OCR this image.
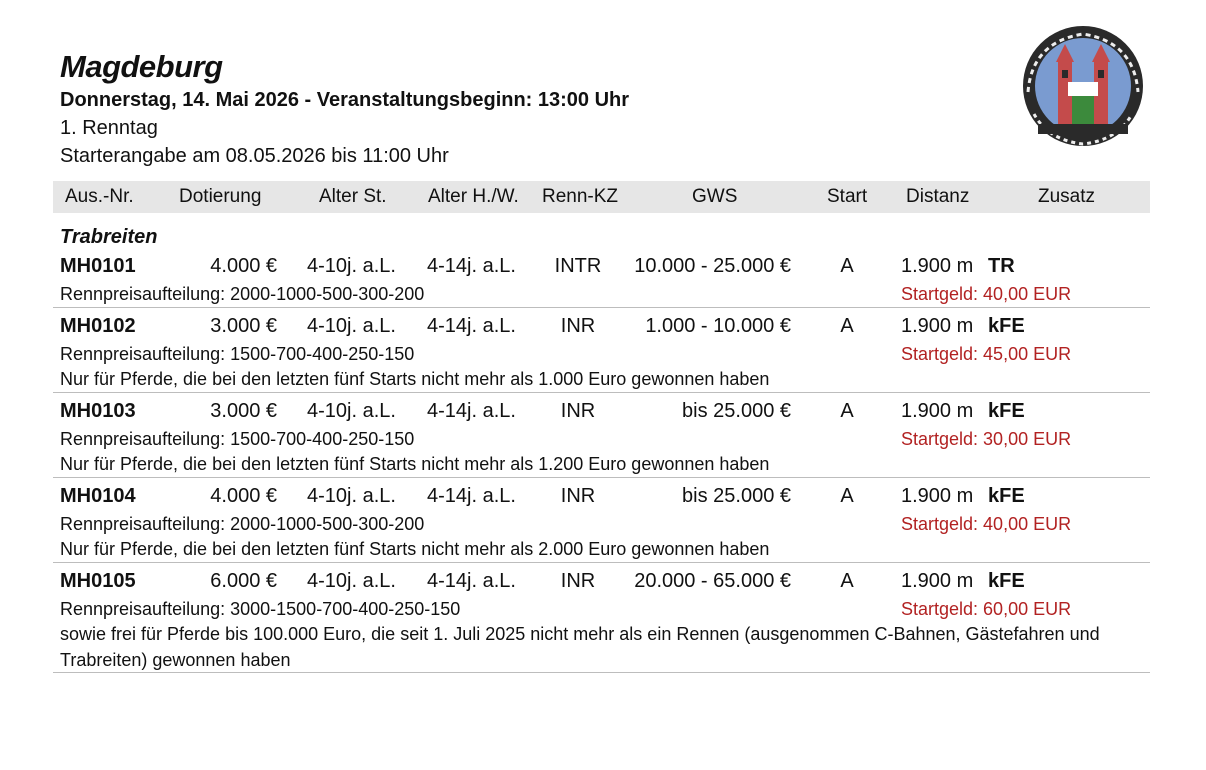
Magdeburg
Donnerstag, 14. Mai 2026 - Veranstaltungsbeginn: 13:00 Uhr
1. Renntag
Starterangabe am 08.05.2026 bis 11:00 Uhr
Aus.-Nr. Dotierung	Alter St. Alter H./W. Renn-KZ	GWS	Start Distanz	Zusatz
Trabreiten
MH0101	4.000 € 4-10j. a.L. 4-14j. a.L.	INTR	10.000 - 25.000 €	A	1.900 m TR
Rennpreisaufteilung: 2000-1000-500-300-200	Startgeld: 40,00 EUR
MH0102	3.000 € 4-10j. a.L. 4-14j. a.L.	INR	1.000 - 10.000 €	A	1.900 m kFE
Rennpreisaufteilung: 1500-700-400-250-150	Startgeld: 45,00 EUR
Nur für Pferde, die bei den letzten fünf Starts nicht mehr als 1.000 Euro gewonnen haben
MH0103	3.000 € 4-10j. a.L. 4-14j. a.L.	INR	bis 25.000 €	A	1.900 m kFE
Rennpreisaufteilung: 1500-700-400-250-150	Startgeld: 30,00 EUR
Nur für Pferde, die bei den letzten fünf Starts nicht mehr als 1.200 Euro gewonnen haben
MH0104	4.000 € 4-10j. a.L. 4-14j. a.L.	INR	bis 25.000 €	A	1.900 m kFE
Rennpreisaufteilung: 2000-1000-500-300-200	Startgeld: 40,00 EUR
Nur für Pferde, die bei den letzten fünf Starts nicht mehr als 2.000 Euro gewonnen haben
MH0105	6.000 € 4-10j. a.L. 4-14j. a.L.	INR	20.000 - 65.000 €	A	1.900 m kFE
Rennpreisaufteilung: 3000-1500-700-400-250-150	Startgeld: 60,00 EUR
sowie frei für Pferde bis 100.000 Euro, die seit 1. Juli 2025 nicht mehr als ein Rennen (ausgenommen C-Bahnen, Gästefahren und Trabreiten) gewonnen haben
